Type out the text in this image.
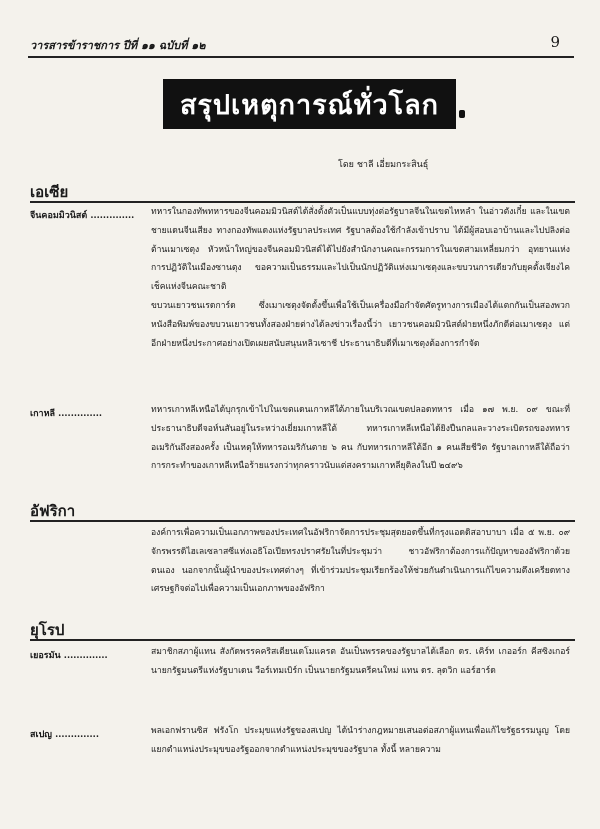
วารสารข้าราชการ ปีที่ ๑๑ ฉบับที่ ๑๒	9
สรุปเหตุการณ์ทั่วโลก
โดย ชาลี เอี่ยมกระสินธุ์
เอเซีย
จีนคอมมิวนิสต์ .............. ทหารในกองทัพทหารของจีนคอมมิวนิสต์ได้สั่งตั้งตัวเป็นแบบทุ่งต่อรัฐบาลจีนในเขตไหหลำ ในอ่าวตังเกี๋ย และในเขตชายแดนจีนเสียง ทางกองทัพแดงแห่งรัฐบาลประเทศ รัฐบาลต้องใช้กำลังเข้าปราบ ได้มีผู้สอบเอาบ้านและไปปลิงต่อต้านเมาเซตุง หัวหน้าใหญ่ของจีนคอมมิวนิสต์ได้ไปยังสำนักงานคณะกรรมการในเขตสามเหลี่ยมกว่า อุทยานแห่งการปฏิวัติในเมืองซานตุง ขอความเป็นธรรมและไปเป็นนักปฏิวัติแห่งเมาเซตุงและขบวนการเดียวกับยุคตั้งเจียงไคเช็คแห่งจีนคณะชาติ

ขบวนเยาวชนเรดการ์ด ซึ่งเมาเซตุงจัดตั้งขึ้นเพื่อใช้เป็นเครื่องมือกำจัดศัตรูทางการเมืองได้แตกกันเป็นสองพวก หนังสือพิมพ์ของขบวนเยาวชนทั้งสองฝ่ายต่างได้ลงข่าวเรื่องนี้ว่า เยาวชนคอมมิวนิสต์ฝ่ายหนึ่งภักดีต่อเมาเซตุง แต่อีกฝ่ายหนึ่งประกาศอย่างเปิดเผยสนับสนุนหลิวเซาชี ประธานาธิบดีที่เมาเซตุงต้องการกำจัด

เกาหลี ..............	ทหารเกาหลีเหนือได้บุกรุกเข้าไปในเขตแดนเกาหลีใต้ภายในบริเวณเขตปลอดทหาร เมื่อ ๑๗ พ.ย. ๐๙ ขณะที่ประธานาธิบดีจอห์นสันอยู่ในระหว่างเยี่ยมเกาหลีใต้ ทหารเกาหลีเหนือได้ยิงปืนกลและวางระเบิดรถของทหารอเมริกันถึงสองครั้ง เป็นเหตุให้ทหารอเมริกันตาย ๖ คน กับทหารเกาหลีใต้อีก ๑ คนเสียชีวิต รัฐบาลเกาหลีใต้ถือว่าการกระทำของเกาหลีเหนือร้ายแรงกว่าทุกคราวนับแต่สงครามเกาหลียุติลงในปี ๒๔๙๖

อัฟริกา

องค์การเพื่อความเป็นเอกภาพของประเทศในอัฟริกาจัดการประชุมสุดยอดขึ้นที่กรุงแอดดิสอาบาบา เมื่อ ๕ พ.ย. ๐๙ จักรพรรดิไฮเลเซลาสซีแห่งเอธิโอเปียทรงปราศรัยในที่ประชุมว่า ชาวอัฟริกาต้องการแก้ปัญหาของอัฟริกาด้วยตนเอง นอกจากนั้นผู้นำของประเทศต่างๆ ที่เข้าร่วมประชุมเรียกร้องให้ช่วยกันดำเนินการแก้ไขความตึงเครียดทางเศรษฐกิจต่อไปเพื่อความเป็นเอกภาพของอัฟริกา

ยุโรป
เยอรมัน ..............	สมาชิกสภาผู้แทน สังกัดพรรคคริสเตียนเดโมแครต อันเป็นพรรคของรัฐบาลได้เลือก ดร. เคิร์ท เกออร์ก คีสซิงเกอร์ นายกรัฐมนตรีแห่งรัฐบาเดน วือร์เทมเบิร์ก เป็นนายกรัฐมนตรีคนใหม่ แทน ดร. ลุดวิก แอร์ฮาร์ด

สเปญ ..............	พลเอกฟรานซิส ฟรังโก ประมุขแห่งรัฐของสเปญ ได้นำร่างกฎหมายเสนอต่อสภาผู้แทนเพื่อแก้ไขรัฐธรรมนูญ โดยแยกตำแหน่งประมุขของรัฐออกจากตำแหน่งประมุขของรัฐบาล ทั้งนี้ หลายความ
